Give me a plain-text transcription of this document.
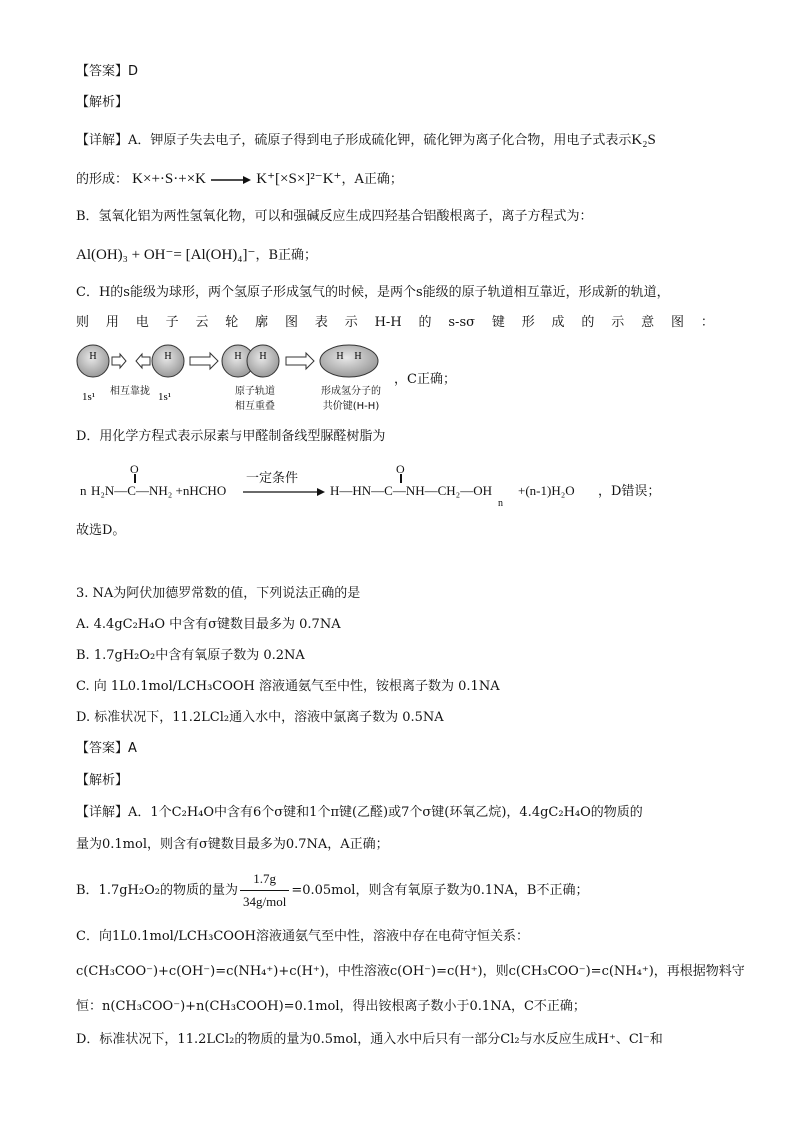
【答案】D
【解析】
【详解】A．钾原子失去电子，硫原子得到电子形成硫化钾，硫化钾为离子化合物，用电子式表示K₂S
的形成： K×+·S·+×K → K⁺[×S×]²⁻K⁺，A正确；
B．氢氧化铝为两性氢氧化物，可以和强碱反应生成四羟基合铝酸根离子，离子方程式为：
Al(OH)₃ + OH⁻= [Al(OH)₄]⁻，B正确；
C．H的s能级为球形，两个氢原子形成氢气的时候，是两个s能级的原子轨道相互靠近，形成新的轨道，
则 用 电 子 云 轮 廓 图 表 示 H-H 的 s-sσ 键 形 成 的 示 意 图 ：
H	H	H H	H H
1s¹	1s¹
相互靠拢	原子轨道
相互重叠
形成氢分子的
共价键(H-H)
，C正确；
D．用化学方程式表示尿素与甲醛制备线型脲醛树脂为
n H₂N—C—NH₂ +nHCHO
O
一定条件
H⁠—HN—C—NH—CH₂—OH
O
n
+(n-1)H₂O ，D错误；
故选D。
3. NA为阿伏加德罗常数的值，下列说法正确的是
A. 4.4gC₂H₄O 中含有σ键数目最多为 0.7NA
B. 1.7gH₂O₂中含有氧原子数为 0.2NA
C. 向 1L0.1mol/LCH₃COOH 溶液通氨气至中性，铵根离子数为 0.1NA
D. 标准状况下，11.2LCl₂通入水中，溶液中氯离子数为 0.5NA
【答案】A
【解析】
【详解】A．1个C₂H₄O中含有6个σ键和1个π键(乙醛)或7个σ键(环氧乙烷)，4.4gC₂H₄O的物质的
量为0.1mol，则含有σ键数目最多为0.7NA，A正确；
B．1.7gH₂O₂的物质的量为 $\frac{1.7g}{\text{34g/mol}} =0.05mol$，则含有氧原子数为0.1NA，B不正确；
C．向1L0.1mol/LCH₃COOH溶液通氨气至中性，溶液中存在电荷守恒关系：
c(CH₃COO⁻)+c(OH⁻)=c(NH₄⁺)+c(H⁺)，中性溶液c(OH⁻)=c(H⁺)，则c(CH₃COO⁻)=c(NH₄⁺)，再根据物料守
恒：n(CH₃COO⁻)+n(CH₃COOH)=0.1mol，得出铵根离子数小于0.1NA，C不正确；
D．标准状况下，11.2LCl₂的物质的量为0.5mol，通入水中后只有一部分Cl₂与水反应生成H⁺、Cl⁻和
